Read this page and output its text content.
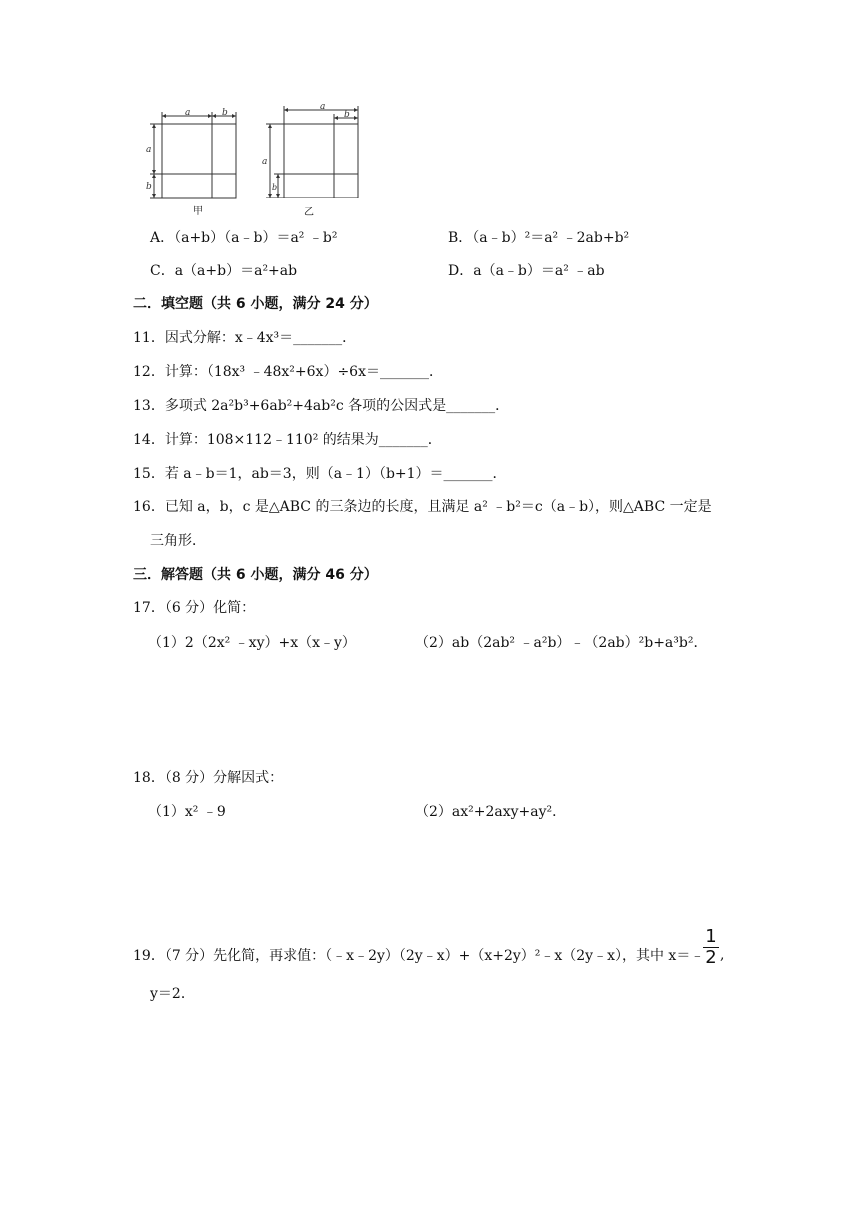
a	b
a
b
甲
a
b
a
b
乙
A．（a+b）（a﹣b）＝a² ﹣b²	B．（a﹣b）²＝a² ﹣2ab+b²
C．a（a+b）＝a²+ab	D．a（a﹣b）＝a² ﹣ab
二．填空题（共 6 小题，满分 24 分）
11．因式分解：x﹣4x³＝_______．
12．计算：（18x³ ﹣48x²+6x）÷6x＝_______．
13．多项式 2a²b³+6ab²+4ab²c 各项的公因式是_______．
14．计算：108×112﹣110² 的结果为_______．
15．若 a﹣b＝1，ab＝3，则（a﹣1）（b+1）＝_______．
16．已知 a，b，c 是△ABC 的三条边的长度，且满足 a² ﹣b²＝c（a﹣b），则△ABC 一定是
三角形．
三．解答题（共 6 小题，满分 46 分）
17．（6 分）化简：
（1）2（2x² ﹣xy）+x（x﹣y）	（2）ab（2ab² ﹣a²b）﹣（2ab）²b+a³b²．
18．（8 分）分解因式：
（1）x² ﹣9	（2）ax²+2axy+ay²．
19．（7 分）先化简，再求值：（﹣x﹣2y）（2y﹣x）+（x+2y）²﹣x（2y﹣x），其中 x＝﹣
1
2 ,
y＝2．
